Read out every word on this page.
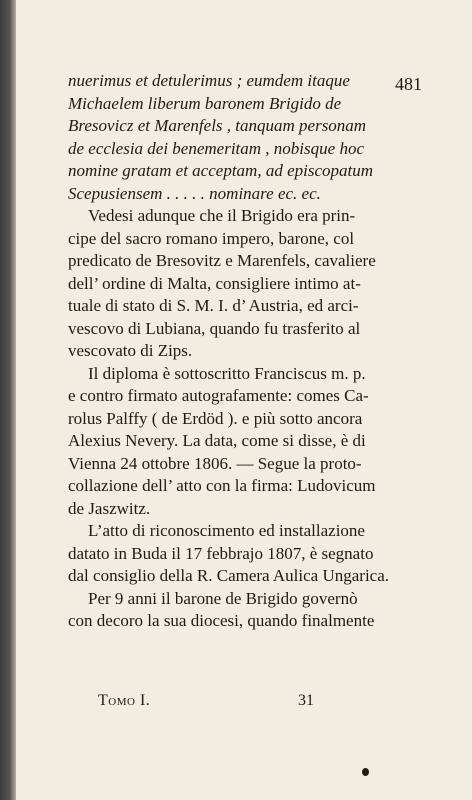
481
nuerimus et detulerimus ; eumdem itaque
Michaelem liberum baronem Brigido de
Bresovicz et Marenfels , tanquam personam
de ecclesia dei benemeritam , nobisque hoc
nomine gratam et acceptam, ad episcopatum
Scepusiensem . . . . . nominare ec. ec.
Vedesi adunque che il Brigido era prin-
cipe del sacro romano impero, barone, col
predicato de Bresovitz e Marenfels, cavaliere
dell’ ordine di Malta, consigliere intimo at-
tuale di stato di S. M. I. d’ Austria, ed arci-
vescovo di Lubiana, quando fu trasferito al
vescovato di Zips.
Il diploma è sottoscritto Franciscus m. p.
e contro firmato autografamente: comes Ca-
rolus Palffy ( de Erdöd ). e più sotto ancora
Alexius Nevery. La data, come si disse, è di
Vienna 24 ottobre 1806. — Segue la proto-
collazione dell’ atto con la firma: Ludovicum
de Jaszwitz.
L’atto di riconoscimento ed installazione
datato in Buda il 17 febbrajo 1807, è segnato
dal consiglio della R. Camera Aulica Ungarica.
Per 9 anni il barone de Brigido governò
con decoro la sua diocesi, quando finalmente
Tomo I.	31
